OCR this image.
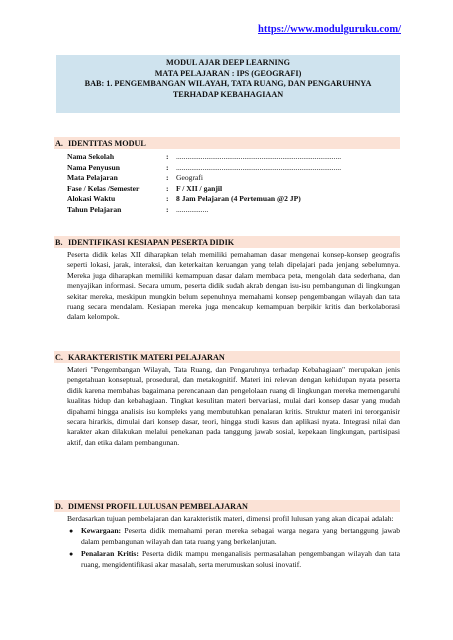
https://www.modulguruku.com/
MODUL AJAR DEEP LEARNING
MATA PELAJARAN : IPS (GEOGRAFI)
BAB: 1. PENGEMBANGAN WILAYAH, TATA RUANG, DAN PENGARUHNYA
TERHADAP KEBAHAGIAAN
A. IDENTITAS MODUL
Nama Sekolah	:	.......................................................................................
Nama Penyusun	:	.......................................................................................
Mata Pelajaran	:	Geografi
Fase / Kelas /Semester	:	F / XII / ganjil
Alokasi Waktu	:	8 Jam Pelajaran (4 Pertemuan @2 JP)
Tahun Pelajaran	:	.................
B. IDENTIFIKASI KESIAPAN PESERTA DIDIK
Peserta didik kelas XII diharapkan telah memiliki pemahaman dasar mengenai konsep-konsep geografis seperti lokasi, jarak, interaksi, dan keterkaitan keruangan yang telah dipelajari pada jenjang sebelumnya. Mereka juga diharapkan memiliki kemampuan dasar dalam membaca peta, mengolah data sederhana, dan menyajikan informasi. Secara umum, peserta didik sudah akrab dengan isu-isu pembangunan di lingkungan sekitar mereka, meskipun mungkin belum sepenuhnya memahami konsep pengembangan wilayah dan tata ruang secara mendalam. Kesiapan mereka juga mencakup kemampuan berpikir kritis dan berkolaborasi dalam kelompok.
C. KARAKTERISTIK MATERI PELAJARAN
Materi "Pengembangan Wilayah, Tata Ruang, dan Pengaruhnya terhadap Kebahagiaan" merupakan jenis pengetahuan konseptual, prosedural, dan metakognitif. Materi ini relevan dengan kehidupan nyata peserta didik karena membahas bagaimana perencanaan dan pengelolaan ruang di lingkungan mereka memengaruhi kualitas hidup dan kebahagiaan. Tingkat kesulitan materi bervariasi, mulai dari konsep dasar yang mudah dipahami hingga analisis isu kompleks yang membutuhkan penalaran kritis. Struktur materi ini terorganisir secara hirarkis, dimulai dari konsep dasar, teori, hingga studi kasus dan aplikasi nyata. Integrasi nilai dan karakter akan dilakukan melalui penekanan pada tanggung jawab sosial, kepekaan lingkungan, partisipasi aktif, dan etika dalam pembangunan.
D. DIMENSI PROFIL LULUSAN PEMBELAJARAN
Berdasarkan tujuan pembelajaran dan karakteristik materi, dimensi profil lulusan yang akan dicapai adalah:
● Kewargaan: Peserta didik memahami peran mereka sebagai warga negara yang bertanggung jawab dalam pembangunan wilayah dan tata ruang yang berkelanjutan.
● Penalaran Kritis: Peserta didik mampu menganalisis permasalahan pengembangan wilayah dan tata ruang, mengidentifikasi akar masalah, serta merumuskan solusi inovatif.
